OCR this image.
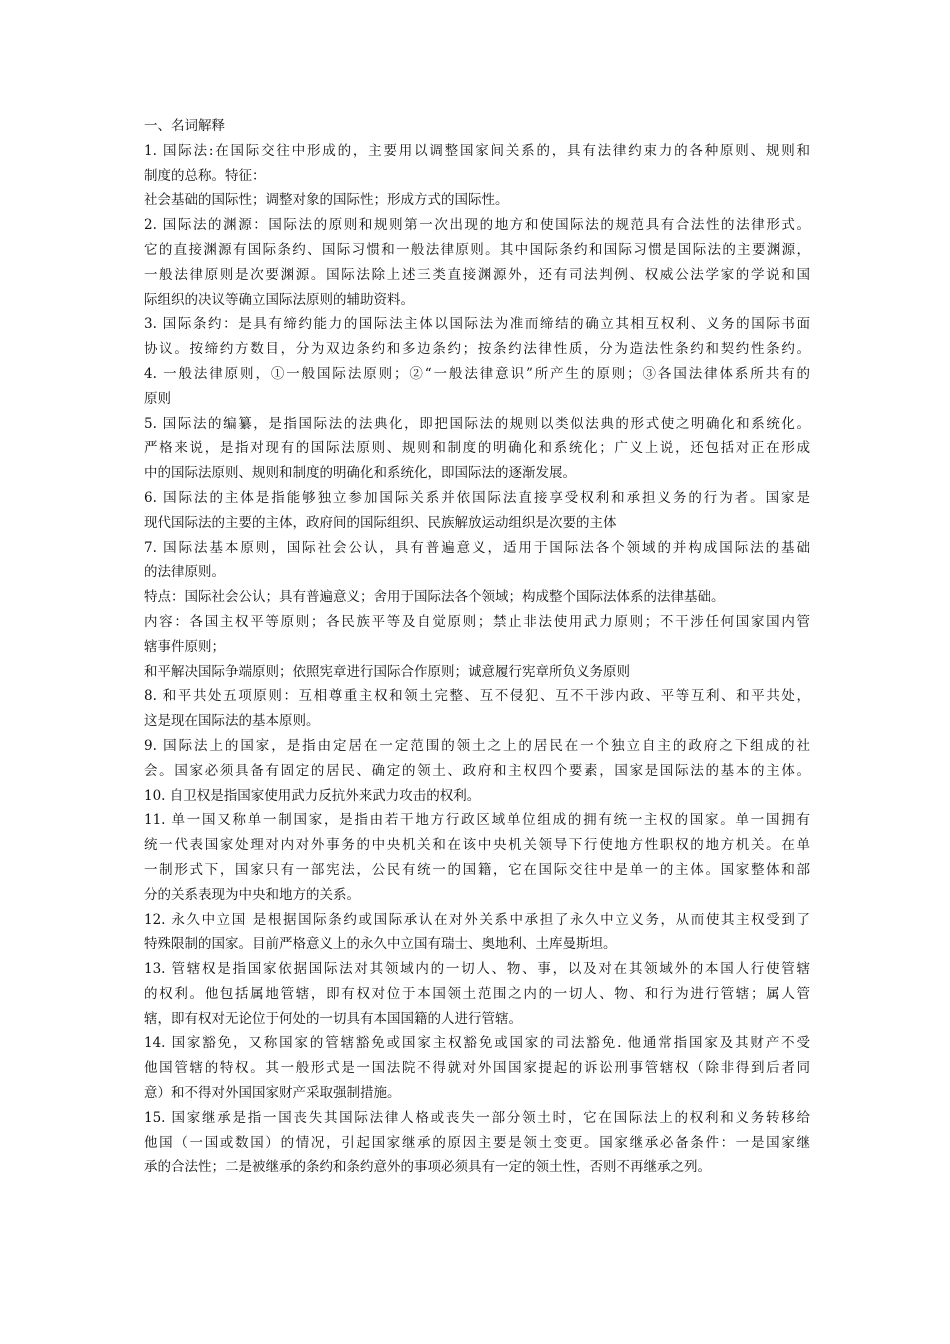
一、名词解释
1. 国际法:在国际交往中形成的，主要用以调整国家间关系的，具有法律约束力的各种原则、规则和
制度的总称。特征：
社会基础的国际性；调整对象的国际性；形成方式的国际性。
2. 国际法的渊源：国际法的原则和规则第一次出现的地方和使国际法的规范具有合法性的法律形式。
它的直接渊源有国际条约、国际习惯和一般法律原则。其中国际条约和国际习惯是国际法的主要渊源，
一般法律原则是次要渊源。国际法除上述三类直接渊源外，还有司法判例、权威公法学家的学说和国
际组织的决议等确立国际法原则的辅助资料。
3. 国际条约：是具有缔约能力的国际法主体以国际法为准而缔结的确立其相互权利、义务的国际书面
协议。按缔约方数目，分为双边条约和多边条约；按条约法律性质，分为造法性条约和契约性条约。
4. 一般法律原则，①一般国际法原则；②“一般法律意识”所产生的原则；③各国法律体系所共有的
原则
5. 国际法的编纂，是指国际法的法典化，即把国际法的规则以类似法典的形式使之明确化和系统化。
严格来说，是指对现有的国际法原则、规则和制度的明确化和系统化；广义上说，还包括对正在形成
中的国际法原则、规则和制度的明确化和系统化，即国际法的逐渐发展。
6. 国际法的主体是指能够独立参加国际关系并依国际法直接享受权利和承担义务的行为者。国家是
现代国际法的主要的主体，政府间的国际组织、民族解放运动组织是次要的主体
7. 国际法基本原则，国际社会公认，具有普遍意义，适用于国际法各个领域的并构成国际法的基础
的法律原则。
特点：国际社会公认；具有普遍意义；舍用于国际法各个领域；构成整个国际法体系的法律基础。
内容：各国主权平等原则；各民族平等及自觉原则；禁止非法使用武力原则；不干涉任何国家国内管
辖事件原则；
和平解决国际争端原则；依照宪章进行国际合作原则；诚意履行宪章所负义务原则
8. 和平共处五项原则：互相尊重主权和领土完整、互不侵犯、互不干涉内政、平等互利、和平共处，
这是现在国际法的基本原则。
9. 国际法上的国家，是指由定居在一定范围的领土之上的居民在一个独立自主的政府之下组成的社
会。国家必须具备有固定的居民、确定的领土、政府和主权四个要素，国家是国际法的基本的主体。
10. 自卫权是指国家使用武力反抗外来武力攻击的权利。
11. 单一国又称单一制国家，是指由若干地方行政区域单位组成的拥有统一主权的国家。单一国拥有
统一代表国家处理对内对外事务的中央机关和在该中央机关领导下行使地方性职权的地方机关。在单
一制形式下，国家只有一部宪法，公民有统一的国籍，它在国际交往中是单一的主体。国家整体和部
分的关系表现为中央和地方的关系。
12. 永久中立国 是根据国际条约或国际承认在对外关系中承担了永久中立义务，从而使其主权受到了
特殊限制的国家。目前严格意义上的永久中立国有瑞士、奥地利、土库曼斯坦。
13. 管辖权是指国家依据国际法对其领域内的一切人、物、事，以及对在其领域外的本国人行使管辖
的权利。他包括属地管辖，即有权对位于本国领土范围之内的一切人、物、和行为进行管辖；属人管
辖，即有权对无论位于何处的一切具有本国国籍的人进行管辖。
14. 国家豁免，又称国家的管辖豁免或国家主权豁免或国家的司法豁免. 他通常指国家及其财产不受
他国管辖的特权。其一般形式是一国法院不得就对外国国家提起的诉讼刑事管辖权（除非得到后者同
意）和不得对外国国家财产采取强制措施。
15. 国家继承是指一国丧失其国际法律人格或丧失一部分领土时，它在国际法上的权利和义务转移给
他国（一国或数国）的情况，引起国家继承的原因主要是领土变更。国家继承必备条件：一是国家继
承的合法性；二是被继承的条约和条约意外的事项必须具有一定的领土性，否则不再继承之列。
